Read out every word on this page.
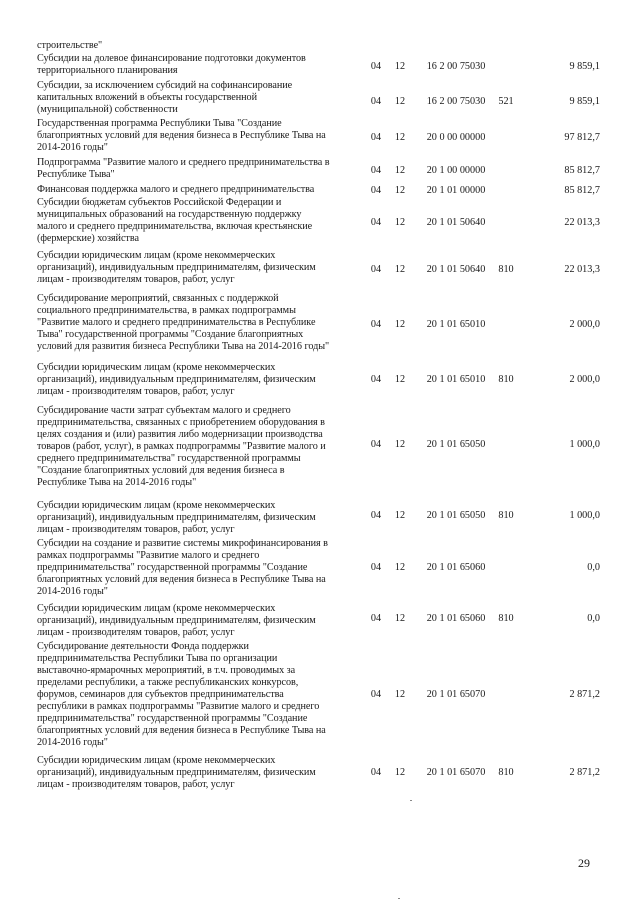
строительстве"
Субсидии на долевое финансирование подготовки документов
территориального планирования	04 12	16 2 00 75030	9 859,1
Субсидии, за исключением субсидий на софинансирование
капитальных вложений в объекты государственной
(муниципальной) собственности
04 12	16 2 00 75030	521	9 859,1
Государственная программа Республики Тыва "Создание
благоприятных условий для ведения бизнеса в Республике Тыва на
2014-2016 годы"
04 12	20 0 00 00000	97 812,7
Подпрограмма "Развитие малого и среднего предпринимательства в
Республике Тыва"	04 12	20 1 00 00000	85 812,7
Финансовая поддержка малого и среднего предпринимательства	04 12	20 1 01 00000	85 812,7
Субсидии бюджетам субъектов Российской Федерации и
муниципальных образований на государственную поддержку
малого и среднего предпринимательства, включая крестьянские
(фермерские) хозяйства
04 12	20 1 01 50640	22 013,3
Субсидии юридическим лицам (кроме некоммерческих
организаций), индивидуальным предпринимателям, физическим
лицам - производителям товаров, работ, услуг
04 12	20 1 01 50640	810	22 013,3
Субсидирование мероприятий, связанных с поддержкой
социального предпринимательства, в рамках подпрограммы
"Развитие малого и среднего предпринимательства в Республике
Тыва" государственной программы "Создание благоприятных
условий для развития бизнеса Республики Тыва на 2014-2016 годы"
04 12	20 1 01 65010	2 000,0
Субсидии юридическим лицам (кроме некоммерческих
организаций), индивидуальным предпринимателям, физическим
лицам - производителям товаров, работ, услуг
04 12	20 1 01 65010	810	2 000,0
Субсидирование части затрат субъектам малого и среднего
предпринимательства, связанных с приобретением оборудования в
целях создания и (или) развития либо модернизации производства
товаров (работ, услуг), в рамках подпрограммы "Развитие малого и
среднего предпринимательства" государственной программы
"Создание благоприятных условий для ведения бизнеса в
Республике Тыва на 2014-2016 годы"
04 12	20 1 01 65050	1 000,0
Субсидии юридическим лицам (кроме некоммерческих
организаций), индивидуальным предпринимателям, физическим
лицам - производителям товаров, работ, услуг
04 12	20 1 01 65050	810	1 000,0
Субсидии на создание и развитие системы микрофинансирования в
рамках подпрограммы "Развитие малого и среднего
предпринимательства" государственной программы "Создание
благоприятных условий для ведения бизнеса в Республике Тыва на
2014-2016 годы"
04 12	20 1 01 65060	0,0
Субсидии юридическим лицам (кроме некоммерческих
организаций), индивидуальным предпринимателям, физическим
лицам - производителям товаров, работ, услуг
04 12	20 1 01 65060	810	0,0
Субсидирование деятельности Фонда поддержки
предпринимательства Республики Тыва по организации
выставочно-ярмарочных мероприятий, в т.ч. проводимых за
пределами республики, а также республиканских конкурсов,
форумов, семинаров для субъектов предпринимательства
республики в рамках подпрограммы "Развитие малого и среднего
предпринимательства" государственной программы "Создание
благоприятных условий для ведения бизнеса в Республике Тыва на
2014-2016 годы"
04 12	20 1 01 65070	2 871,2
Субсидии юридическим лицам (кроме некоммерческих
организаций), индивидуальным предпринимателям, физическим
лицам - производителям товаров, работ, услуг
04 12	20 1 01 65070	810	2 871,2
29
